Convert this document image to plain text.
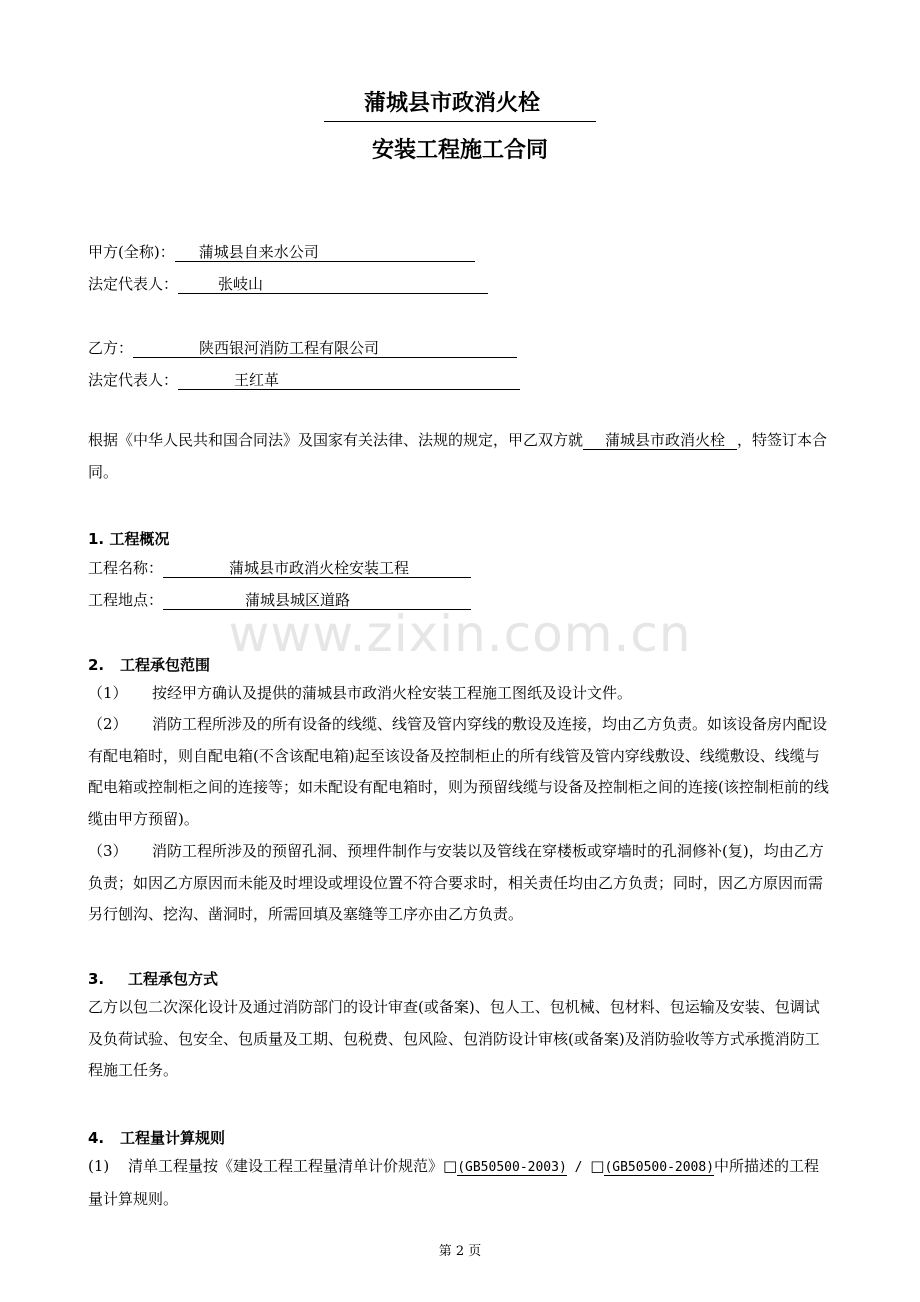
蒲城县市政消火栓
安装工程施工合同
甲方(全称)： 蒲城县自来水公司
法定代表人：	张岐山
乙方：	陕西银河消防工程有限公司
法定代表人：	王红革
根据《中华人民共和国合同法》及国家有关法律、法规的规定，甲乙双方就 蒲城县市政消火栓 ，特签订本合同。
1. 工程概况
工程名称：	蒲城县市政消火栓安装工程
工程地点：	蒲城县城区道路
www.zixin.com.cn
2. 工程承包范围
（1） 按经甲方确认及提供的蒲城县市政消火栓安装工程施工图纸及设计文件。
（2） 消防工程所涉及的所有设备的线缆、线管及管内穿线的敷设及连接，均由乙方负责。如该设备房内配设有配电箱时，则自配电箱(不含该配电箱)起至该设备及控制柜止的所有线管及管内穿线敷设、线缆敷设、线缆与配电箱或控制柜之间的连接等；如未配设有配电箱时，则为预留线缆与设备及控制柜之间的连接(该控制柜前的线缆由甲方预留)。
（3） 消防工程所涉及的预留孔洞、预埋件制作与安装以及管线在穿楼板或穿墙时的孔洞修补(复)，均由乙方负责；如因乙方原因而未能及时埋设或埋设位置不符合要求时，相关责任均由乙方负责；同时，因乙方原因而需另行刨沟、挖沟、凿洞时，所需回填及塞缝等工序亦由乙方负责。
3. 工程承包方式
乙方以包二次深化设计及通过消防部门的设计审查(或备案)、包人工、包机械、包材料、包运输及安装、包调试及负荷试验、包安全、包质量及工期、包税费、包风险、包消防设计审核(或备案)及消防验收等方式承揽消防工程施工任务。
4. 工程量计算规则
(1) 清单工程量按《建设工程工程量清单计价规范》□(GB50500-2003) / □(GB50500-2008)中所描述的工程量计算规则。
第 2 页
